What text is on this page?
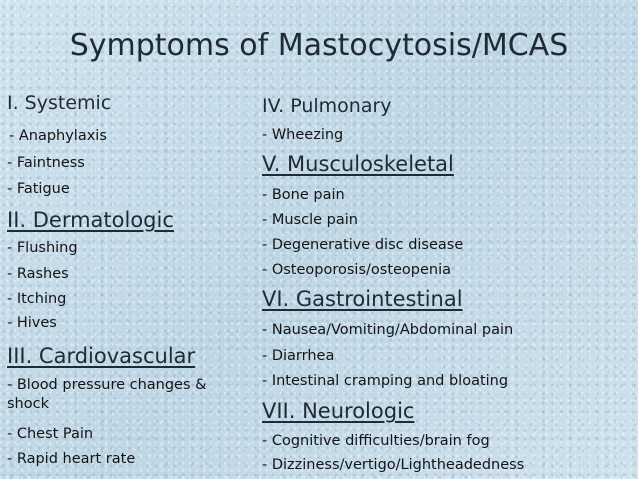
Symptoms of Mastocytosis/MCAS
I. Systemic
- Anaphylaxis
- Faintness
- Fatigue
II. Dermatologic
- Flushing
- Rashes
- Itching
- Hives
III. Cardiovascular
- Blood pressure changes & shock
- Chest Pain
- Rapid heart rate
IV. Pulmonary
- Wheezing
V. Musculoskeletal
- Bone pain
- Muscle pain
- Degenerative disc disease
- Osteoporosis/osteopenia
VI. Gastrointestinal
- Nausea/Vomiting/Abdominal pain
- Diarrhea
- Intestinal cramping and bloating
VII. Neurologic
- Cognitive difficulties/brain fog
- Dizziness/vertigo/Lightheadedness
